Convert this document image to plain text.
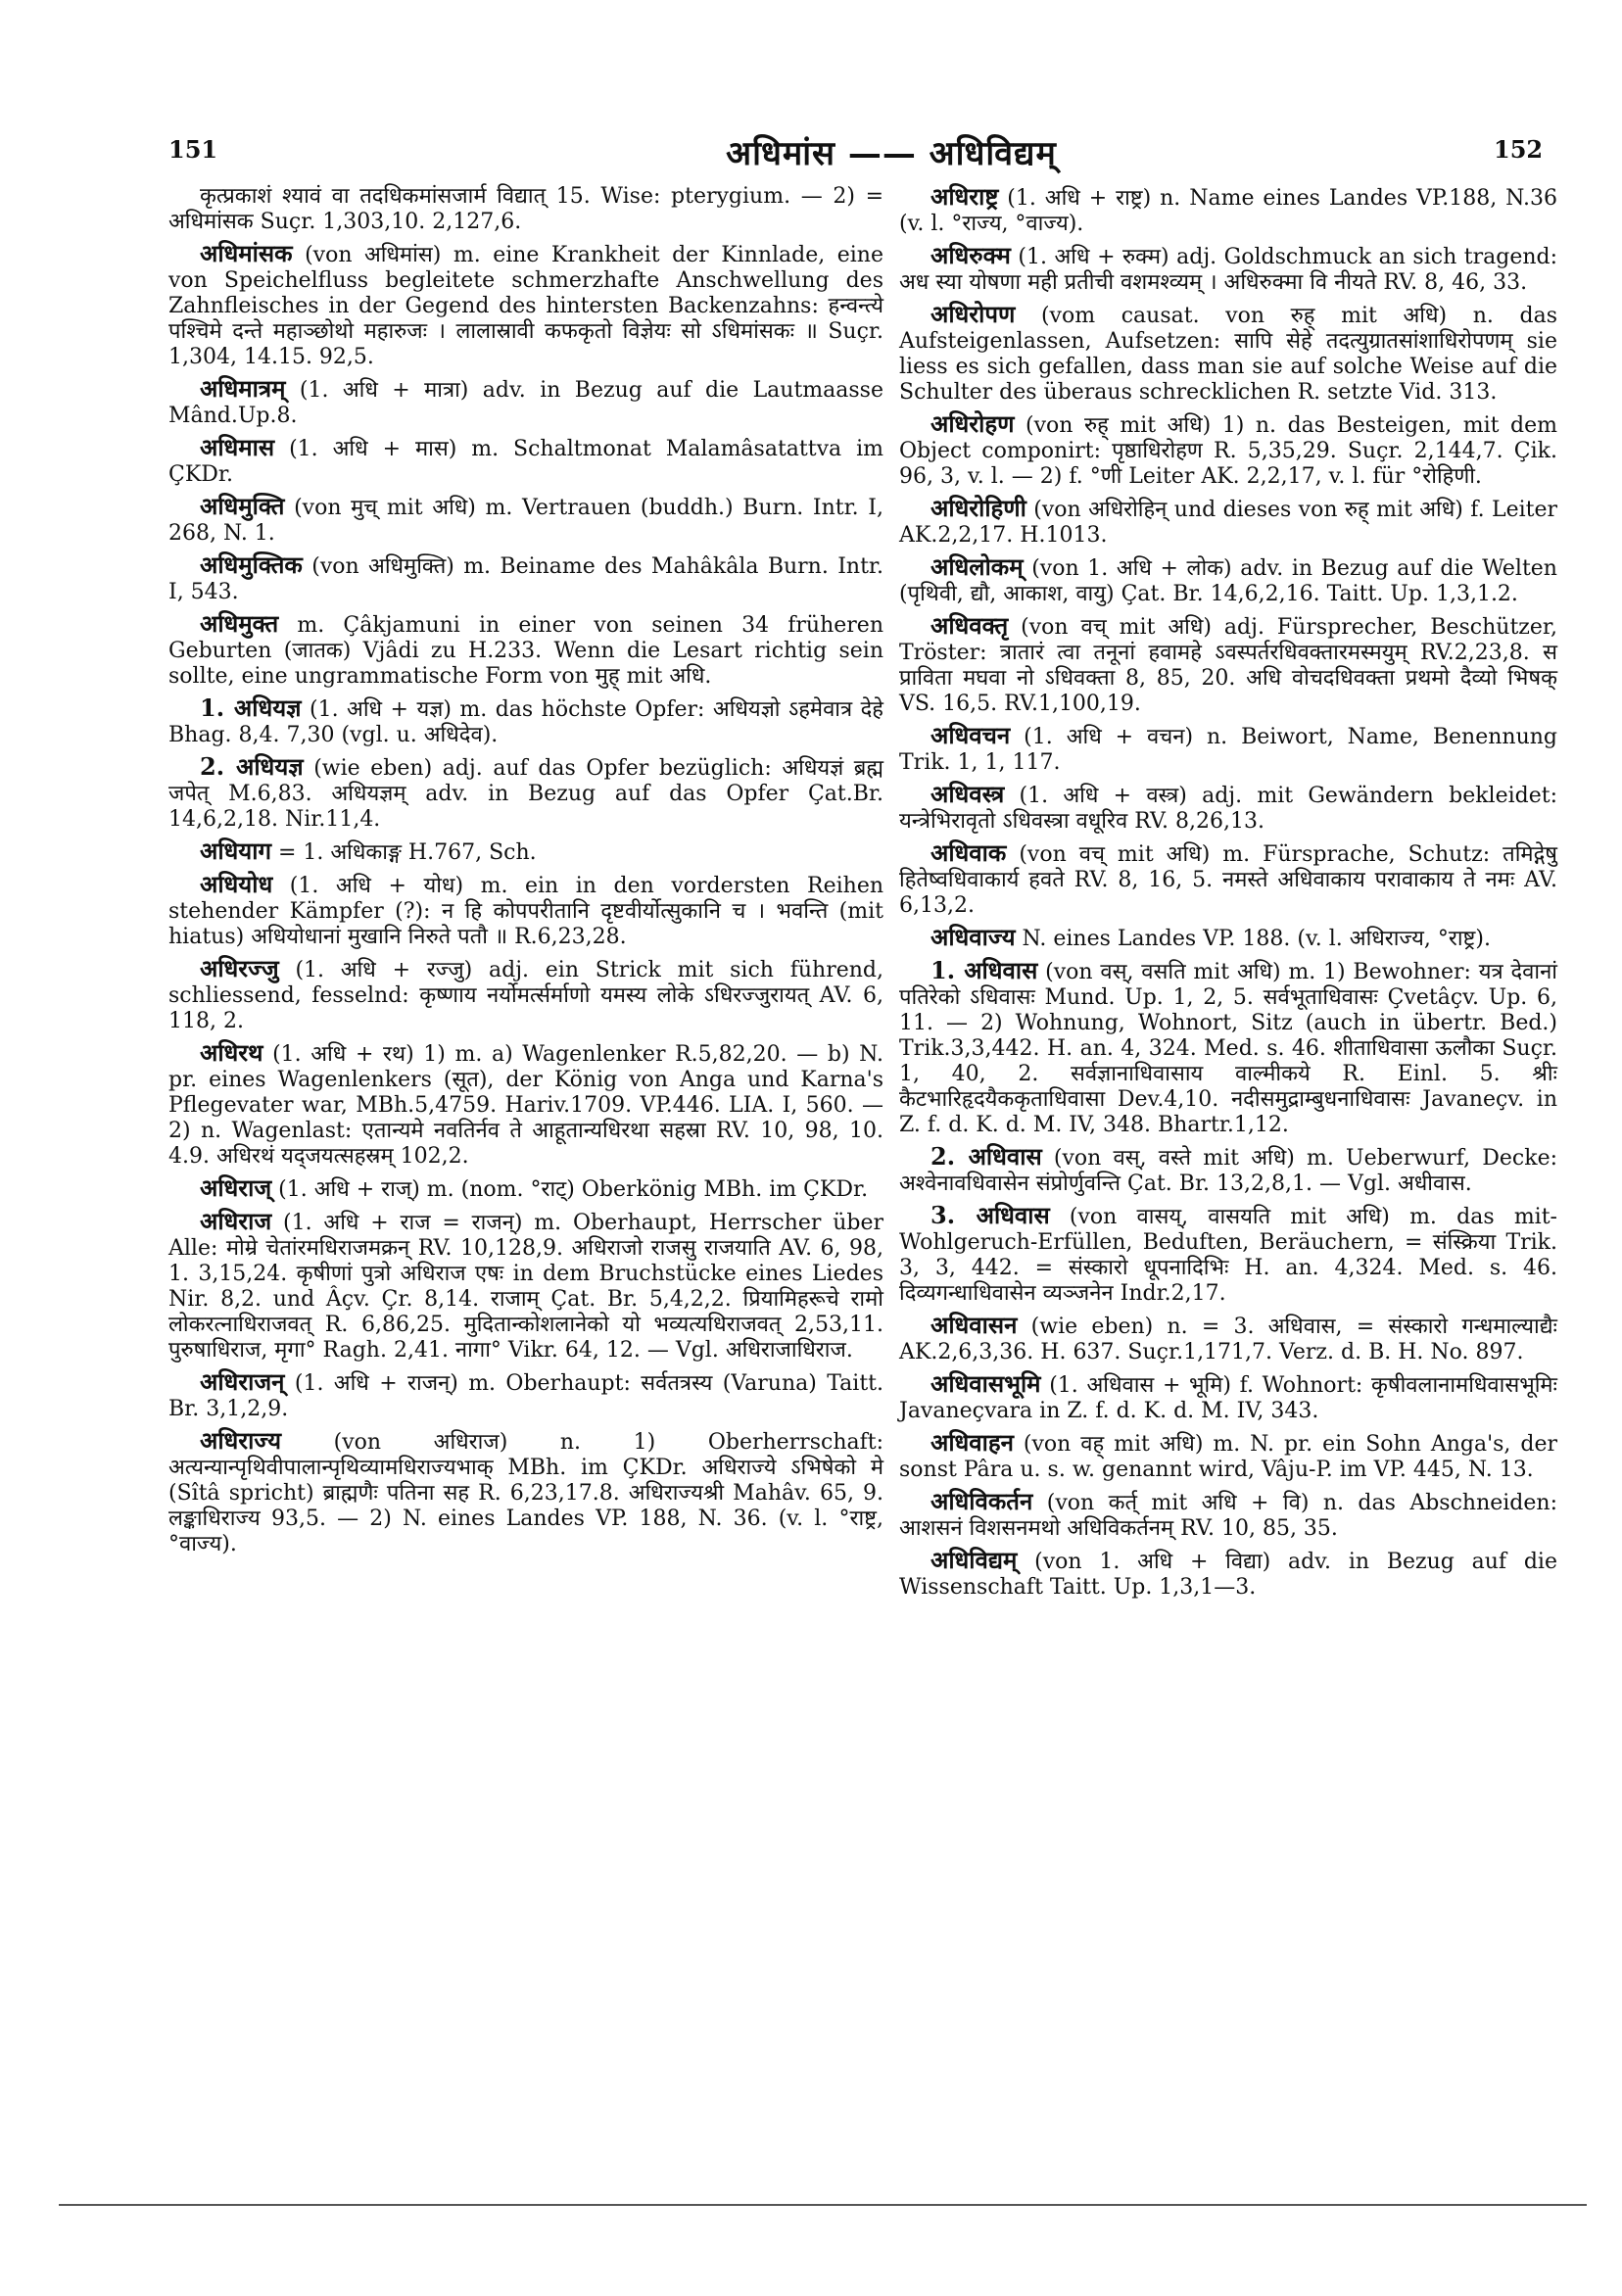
151	अधिमांस —— अधिविद्यम्	152
कृत्प्रकाशं श्यावं वा तदधिकमांसजार्म विद्यात् 15. Wise: pterygium. — 2) = अधिमांसक Suçr. 1,303,10. 2,127,6.
अधिमांसक (von अधिमांस) m. eine Krankheit der Kinnlade, eine von Speichelfluss begleitete schmerzhafte Anschwellung des Zahnfleisches in der Gegend des hintersten Backenzahns: हन्वन्त्ये पश्चिमे दन्ते महाञ्छोथो महारुजः । लालास्रावी कफकृतो विज्ञेयः सो ऽधिमांसकः ॥ Suçr. 1,304, 14.15. 92,5.
अधिमात्रम् (1. अधि + मात्रा) adv. in Bezug auf die Lautmaasse Mând.Up.8.
अधिमास (1. अधि + मास) m. Schaltmonat Malamâsatattva im ÇKDr.
अधिमुक्ति (von मुच् mit अधि) m. Vertrauen (buddh.) Burn. Intr. I, 268, N. 1.
अधिमुक्तिक (von अधिमुक्ति) m. Beiname des Mahâkâla Burn. Intr. I, 543.
अधिमुक्त m. Çâkjamuni in einer von seinen 34 früheren Geburten (जातक) Vjâdi zu H.233. Wenn die Lesart richtig sein sollte, eine ungrammatische Form von मुह् mit अधि.
1. अधियज्ञ (1. अधि + यज्ञ) m. das höchste Opfer: अधियज्ञो ऽहमेवात्र देहे Bhag. 8,4. 7,30 (vgl. u. अधिदेव).
2. अधियज्ञ (wie eben) adj. auf das Opfer bezüglich: अधियज्ञं ब्रह्म जपेत् M.6,83. अधियज्ञम् adv. in Bezug auf das Opfer Çat.Br. 14,6,2,18. Nir.11,4.
अधियाग = 1. अधिकाङ्ग H.767, Sch.
अधियोध (1. अधि + योध) m. ein in den vordersten Reihen stehender Kämpfer (?): न हि कोपपरीतानि दृष्टवीर्योत्सुकानि च । भवन्ति (mit hiatus) अधियोधानां मुखानि निरुते पतौ ॥ R.6,23,28.
अधिरज्जु (1. अधि + रज्जु) adj. ein Strick mit sich führend, schliessend, fesselnd: कृष्णाय नर्योमर्त्सर्माणो यमस्य लोके ऽधिरज्जुरायत् AV. 6, 118, 2.
अधिरथ (1. अधि + रथ) 1) m. a) Wagenlenker R.5,82,20. — b) N. pr. eines Wagenlenkers (सूत), der König von Anga und Karna's Pflegevater war, MBh.5,4759. Hariv.1709. VP.446. LIA. I, 560. — 2) n. Wagenlast: एतान्यमे नवतिर्नव ते आहूतान्यधिरथा सहस्रा RV. 10, 98, 10. 4.9. अधिरथं यद्जयत्सहस्रम् 102,2.
अधिराज् (1. अधि + राज्) m. (nom. °राट्) Oberkönig MBh. im ÇKDr.
अधिराज (1. अधि + राज = राजन्) m. Oberhaupt, Herrscher über Alle: मोम्रे चेतांरमधिराजमक्रन् RV. 10,128,9. अधिराजो राजसु राजयाति AV. 6, 98, 1. 3,15,24. कृषीणां पुत्रो अधिराज एषः in dem Bruchstücke eines Liedes Nir. 8,2. und Âçv. Çr. 8,14. राजाम् Çat. Br. 5,4,2,2. प्रियामिहरूचे रामो लोकरत्नाधिराजवत् R. 6,86,25. मुदितान्कोशलानेको यो भव्यत्यधिराजवत् 2,53,11. पुरुषाधिराज, मृगा° Ragh. 2,41. नागा° Vikr. 64, 12. — Vgl. अधिराजाधिराज.
अधिराजन् (1. अधि + राजन्) m. Oberhaupt: सर्वतत्रस्य (Varuna) Taitt. Br. 3,1,2,9.
अधिराज्य (von अधिराज) n. 1) Oberherrschaft: अत्यन्यान्पृथिवीपालान्पृथिव्यामधिराज्यभाक् MBh. im ÇKDr. अधिराज्ये ऽभिषेको मे (Sîtâ spricht) ब्राह्मणैः पतिना सह R. 6,23,17.8. अधिराज्यश्री Mahâv. 65, 9. लङ्काधिराज्य 93,5. — 2) N. eines Landes VP. 188, N. 36. (v. l. °राष्ट्र, °वाज्य).
अधिराष्ट्र (1. अधि + राष्ट्र) n. Name eines Landes VP.188, N.36 (v. l. °राज्य, °वाज्य).
अधिरुक्म (1. अधि + रुक्म) adj. Goldschmuck an sich tragend: अध स्या योषणा मही प्रतीची वशमश्व्यम् । अधिरुक्मा वि नीयते RV. 8, 46, 33.
अधिरोपण (vom causat. von रुह् mit अधि) n. das Aufsteigenlassen, Aufsetzen: सापि सेहे तदत्युग्रातसांशाधिरोपणम् sie liess es sich gefallen, dass man sie auf solche Weise auf die Schulter des überaus schrecklichen R. setzte Vid. 313.
अधिरोहण (von रुह् mit अधि) 1) n. das Besteigen, mit dem Object componirt: पृष्ठाधिरोहण R. 5,35,29. Suçr. 2,144,7. Çik. 96, 3, v. l. — 2) f. °णी Leiter AK. 2,2,17, v. l. für °रोहिणी.
अधिरोहिणी (von अधिरोहिन् und dieses von रुह् mit अधि) f. Leiter AK.2,2,17. H.1013.
अधिलोकम् (von 1. अधि + लोक) adv. in Bezug auf die Welten (पृथिवी, द्यौ, आकाश, वायु) Çat. Br. 14,6,2,16. Taitt. Up. 1,3,1.2.
अधिवक्तृ (von वच् mit अधि) adj. Fürsprecher, Beschützer, Tröster: त्रातारं त्वा तनूनां हवामहे ऽवस्पर्तरधिवक्तारमस्मयुम् RV.2,23,8. स प्राविता मघवा नो ऽधिवक्ता 8, 85, 20. अधि वोचदधिवक्ता प्रथमो दैव्यो भिषक् VS. 16,5. RV.1,100,19.
अधिवचन (1. अधि + वचन) n. Beiwort, Name, Benennung Trik. 1, 1, 117.
अधिवस्त्र (1. अधि + वस्त्र) adj. mit Gewändern bekleidet: यन्त्रेभिरावृतो ऽधिवस्त्रा वधूरिव RV. 8,26,13.
अधिवाक (von वच् mit अधि) m. Fürsprache, Schutz: तमिद्गेषु हितेष्वधिवाकार्य हवते RV. 8, 16, 5. नमस्ते अधिवाकाय परावाकाय ते नमः AV. 6,13,2.
अधिवाज्य N. eines Landes VP. 188. (v. l. अधिराज्य, °राष्ट्र).
1. अधिवास (von वस्, वसति mit अधि) m. 1) Bewohner: यत्र देवानां पतिरेको ऽधिवासः Mund. Up. 1, 2, 5. सर्वभूताधिवासः Çvetâçv. Up. 6, 11. — 2) Wohnung, Wohnort, Sitz (auch in übertr. Bed.) Trik.3,3,442. H. an. 4, 324. Med. s. 46. शीताधिवासा ऊलौका Suçr. 1, 40, 2. सर्वज्ञानाधिवासाय वाल्मीकये R. Einl. 5. श्रीः कैटभारिहृदयैककृताधिवासा Dev.4,10. नदीसमुद्राम्बुधनाधिवासः Javaneçv. in Z. f. d. K. d. M. IV, 348. Bhartr.1,12.
2. अधिवास (von वस्, वस्ते mit अधि) m. Ueberwurf, Decke: अश्वेनावधिवासेन संप्रोर्णुवन्ति Çat. Br. 13,2,8,1. — Vgl. अधीवास.
3. अधिवास (von वासय्, वासयति mit अधि) m. das mit-Wohlgeruch-Erfüllen, Beduften, Beräuchern, = संस्क्रिया Trik. 3, 3, 442. = संस्कारो धूपनादिभिः H. an. 4,324. Med. s. 46. दिव्यगन्धाधिवासेन व्यञ्जनेन Indr.2,17.
अधिवासन (wie eben) n. = 3. अधिवास, = संस्कारो गन्धमाल्याद्यैः AK.2,6,3,36. H. 637. Suçr.1,171,7. Verz. d. B. H. No. 897.
अधिवासभूमि (1. अधिवास + भूमि) f. Wohnort: कृषीवलानामधिवासभूमिः Javaneçvara in Z. f. d. K. d. M. IV, 343.
अधिवाहन (von वह् mit अधि) m. N. pr. ein Sohn Anga's, der sonst Pâra u. s. w. genannt wird, Vâju-P. im VP. 445, N. 13.
अधिविकर्तन (von कर्त् mit अधि + वि) n. das Abschneiden: आशसनं विशसनमथो अधिविकर्तनम् RV. 10, 85, 35.
अधिविद्यम् (von 1. अधि + विद्या) adv. in Bezug auf die Wissenschaft Taitt. Up. 1,3,1—3.
